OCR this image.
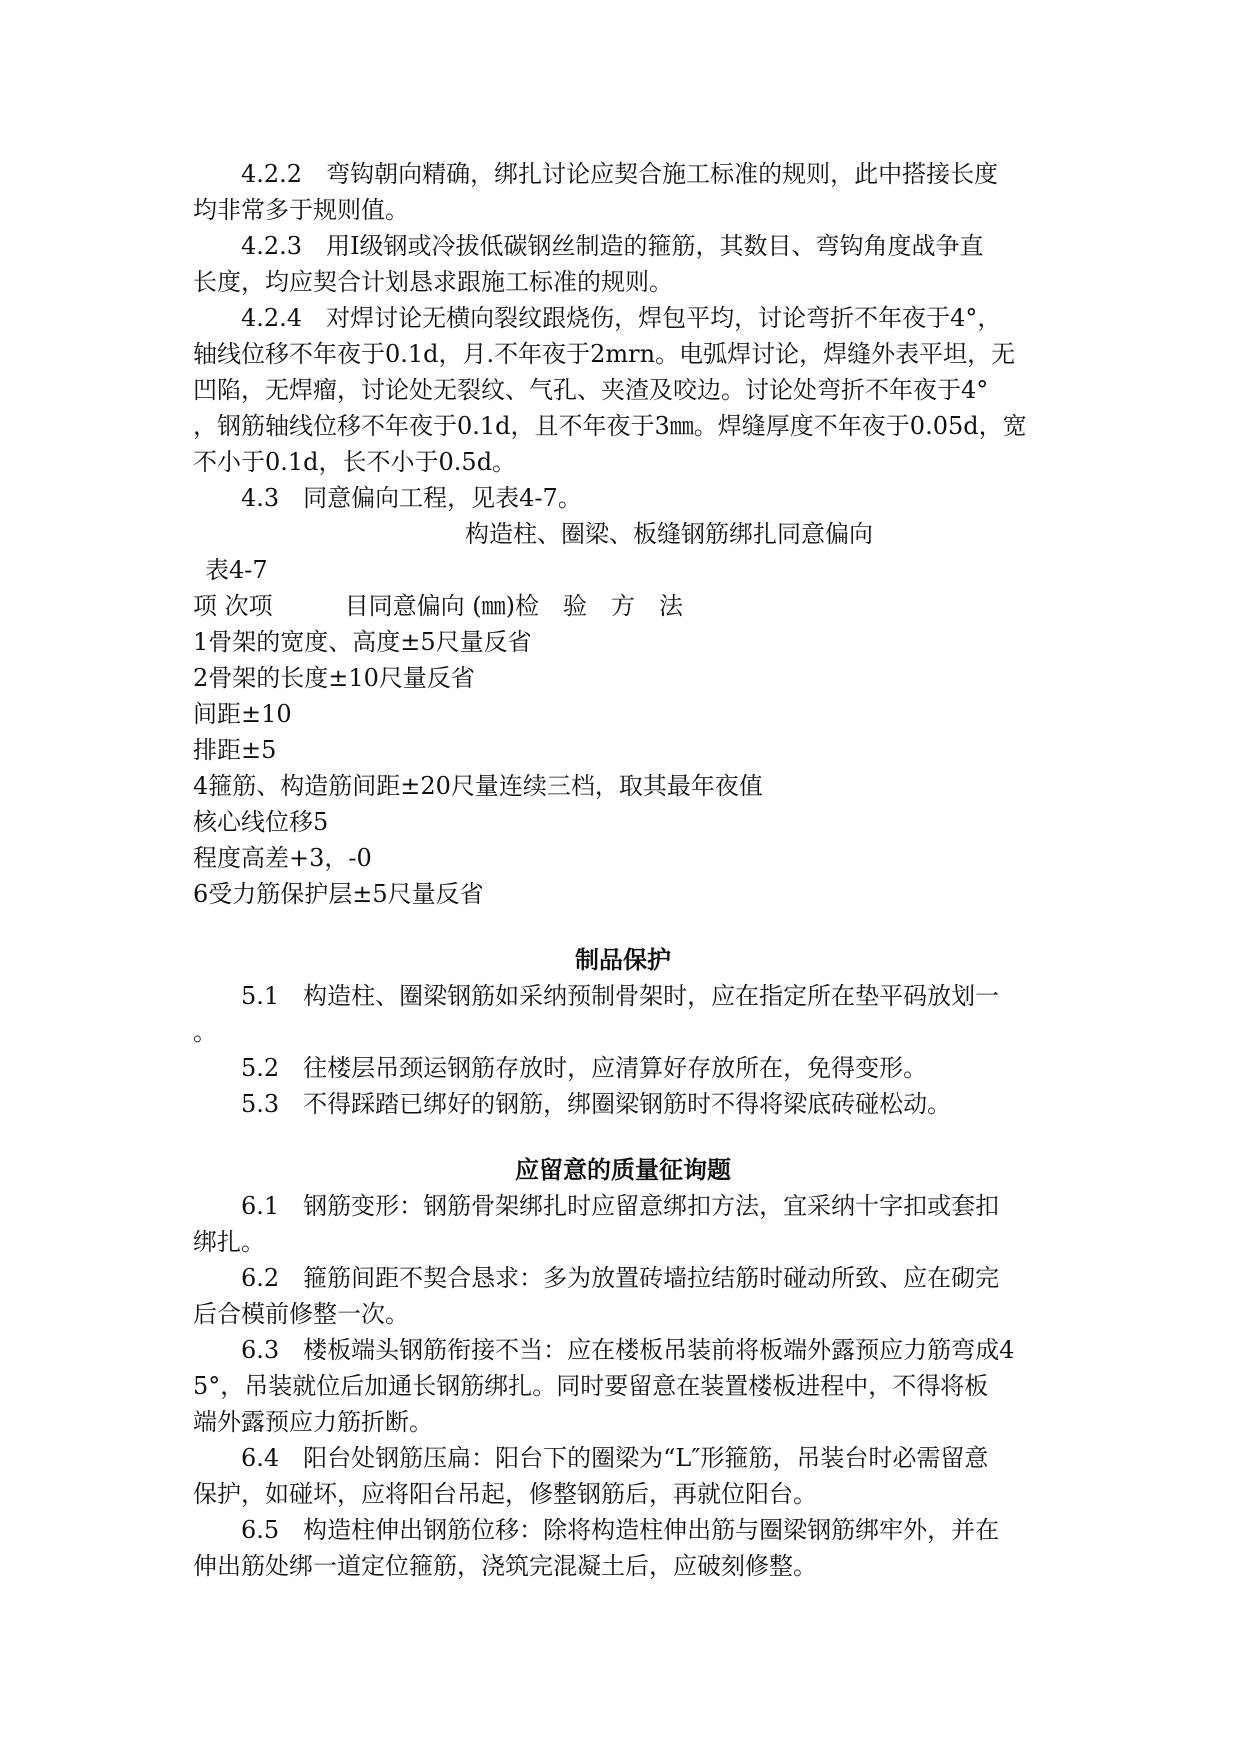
4.2.2　弯钩朝向精确，绑扎讨论应契合施工标准的规则，此中搭接长度
均非常多于规则值。
4.2.3　用Ⅰ级钢或冷拔低碳钢丝制造的箍筋，其数目、弯钩角度战争直
长度，均应契合计划恳求跟施工标准的规则。
4.2.4　对焊讨论无横向裂纹跟烧伤，焊包平均，讨论弯折不年夜于4°，
轴线位移不年夜于0.1d，月.不年夜于2mrn。电弧焊讨论，焊缝外表平坦，无
凹陷，无焊瘤，讨论处无裂纹、气孔、夹渣及咬边。讨论处弯折不年夜于4°
，钢筋轴线位移不年夜于0.1d，且不年夜于3㎜。焊缝厚度不年夜于0.05d，宽
不小于0.1d，长不小于0.5d。
4.3　同意偏向工程，见表4-7。
构造柱、圈梁、板缝钢筋绑扎同意偏向
表4-7
项 次项　　　目同意偏向 (㎜)检　验　方　法
1骨架的宽度、高度±5尺量反省
2骨架的长度±10尺量反省
间距±10
排距±5
4箍筋、构造筋间距±20尺量连续三档，取其最年夜值
核心线位移5
程度高差+3，-0
6受力筋保护层±5尺量反省
制品保护
5.1　构造柱、圈梁钢筋如采纳预制骨架时，应在指定所在垫平码放划一
。
5.2　往楼层吊颈运钢筋存放时，应清算好存放所在，免得变形。
5.3　不得踩踏已绑好的钢筋，绑圈梁钢筋时不得将梁底砖碰松动。
应留意的质量征询题
6.1　钢筋变形：钢筋骨架绑扎时应留意绑扣方法，宜采纳十字扣或套扣
绑扎。
6.2　箍筋间距不契合恳求：多为放置砖墙拉结筋时碰动所致、应在砌完
后合模前修整一次。
6.3　楼板端头钢筋衔接不当：应在楼板吊装前将板端外露预应力筋弯成4
5°，吊装就位后加通长钢筋绑扎。同时要留意在装置楼板进程中，不得将板
端外露预应力筋折断。
6.4　阳台处钢筋压扁：阳台下的圈梁为“L″形箍筋，吊装台时必需留意
保护，如碰坏，应将阳台吊起，修整钢筋后，再就位阳台。
6.5　构造柱伸出钢筋位移：除将构造柱伸出筋与圈梁钢筋绑牢外，并在
伸出筋处绑一道定位箍筋，浇筑完混凝土后，应破刻修整。
